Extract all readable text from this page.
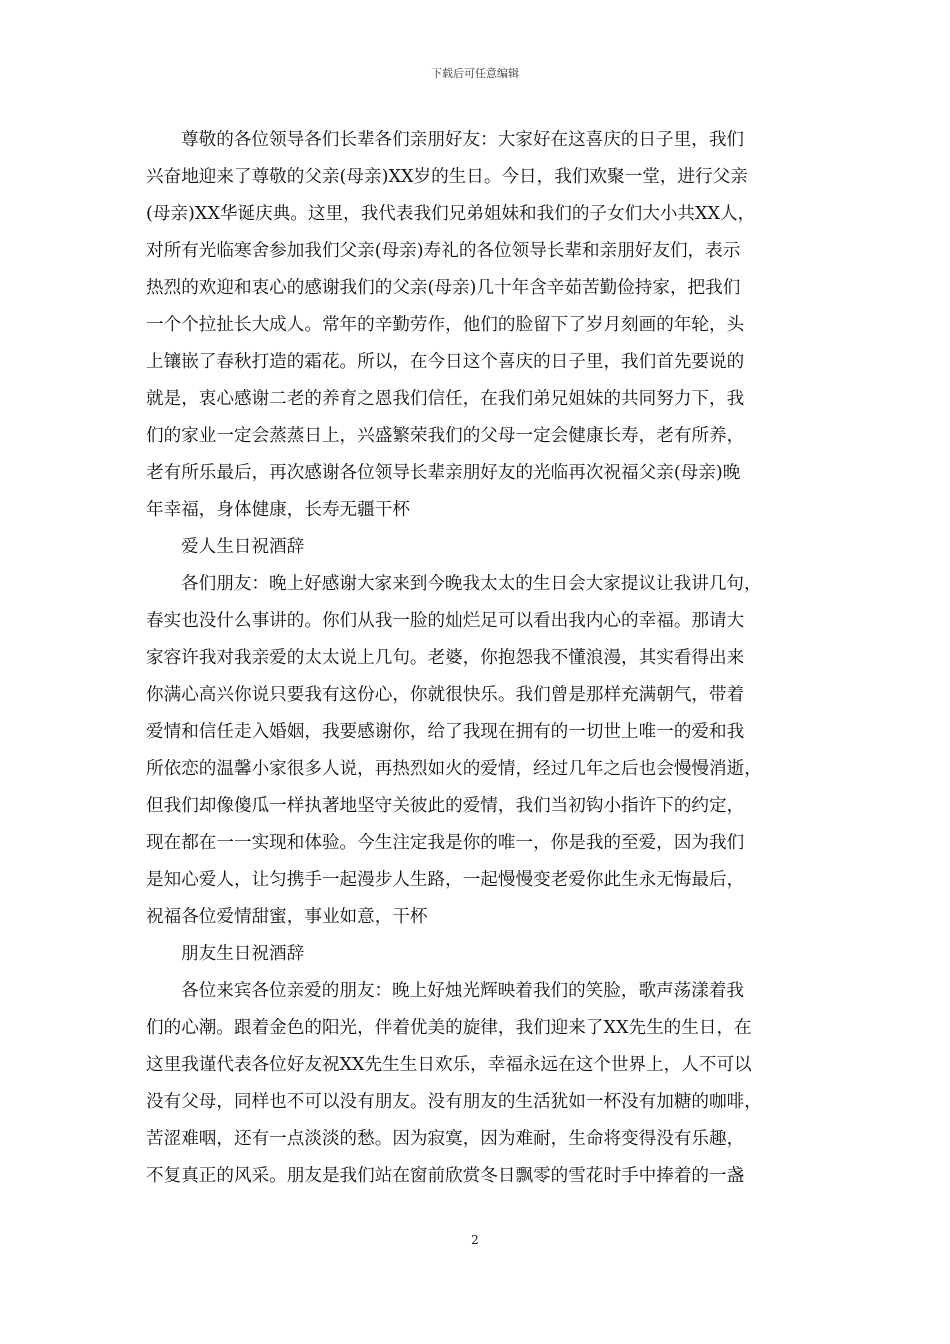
下载后可任意编辑
尊敬的各位领导各们长辈各们亲朋好友：大家好在这喜庆的日子里，我们
兴奋地迎来了尊敬的父亲(母亲)XX岁的生日。今日，我们欢聚一堂，进行父亲
(母亲)XX华诞庆典。这里，我代表我们兄弟姐妹和我们的子女们大小共XX人，
对所有光临寒舍参加我们父亲(母亲)寿礼的各位领导长辈和亲朋好友们，表示
热烈的欢迎和衷心的感谢我们的父亲(母亲)几十年含辛茹苦勤俭持家，把我们
一个个拉扯长大成人。常年的辛勤劳作，他们的脸留下了岁月刻画的年轮，头
上镶嵌了春秋打造的霜花。所以，在今日这个喜庆的日子里，我们首先要说的
就是，衷心感谢二老的养育之恩我们信任，在我们弟兄姐妹的共同努力下，我
们的家业一定会蒸蒸日上，兴盛繁荣我们的父母一定会健康长寿，老有所养，
老有所乐最后，再次感谢各位领导长辈亲朋好友的光临再次祝福父亲(母亲)晚
年幸福，身体健康，长寿无疆干杯
爱人生日祝酒辞
各们朋友：晚上好感谢大家来到今晚我太太的生日会大家提议让我讲几句，
春实也没什么事讲的。你们从我一脸的灿烂足可以看出我内心的幸福。那请大
家容许我对我亲爱的太太说上几句。老婆，你抱怨我不懂浪漫，其实看得出来
你满心高兴你说只要我有这份心，你就很快乐。我们曾是那样充满朝气，带着
爱情和信任走入婚姻，我要感谢你，给了我现在拥有的一切世上唯一的爱和我
所依恋的温馨小家很多人说，再热烈如火的爱情，经过几年之后也会慢慢消逝，
但我们却像傻瓜一样执著地坚守关彼此的爱情，我们当初钩小指许下的约定，
现在都在一一实现和体验。今生注定我是你的唯一，你是我的至爱，因为我们
是知心爱人，让匀携手一起漫步人生路，一起慢慢变老爱你此生永无悔最后，
祝福各位爱情甜蜜，事业如意，干杯
朋友生日祝酒辞
各位来宾各位亲爱的朋友：晚上好烛光辉映着我们的笑脸，歌声荡漾着我
们的心潮。跟着金色的阳光，伴着优美的旋律，我们迎来了XX先生的生日，在
这里我谨代表各位好友祝XX先生生日欢乐，幸福永远在这个世界上，人不可以
没有父母，同样也不可以没有朋友。没有朋友的生活犹如一杯没有加糖的咖啡，
苦涩难咽，还有一点淡淡的愁。因为寂寞，因为难耐，生命将变得没有乐趣，
不复真正的风采。朋友是我们站在窗前欣赏冬日飘零的雪花时手中捧着的一盏
2
